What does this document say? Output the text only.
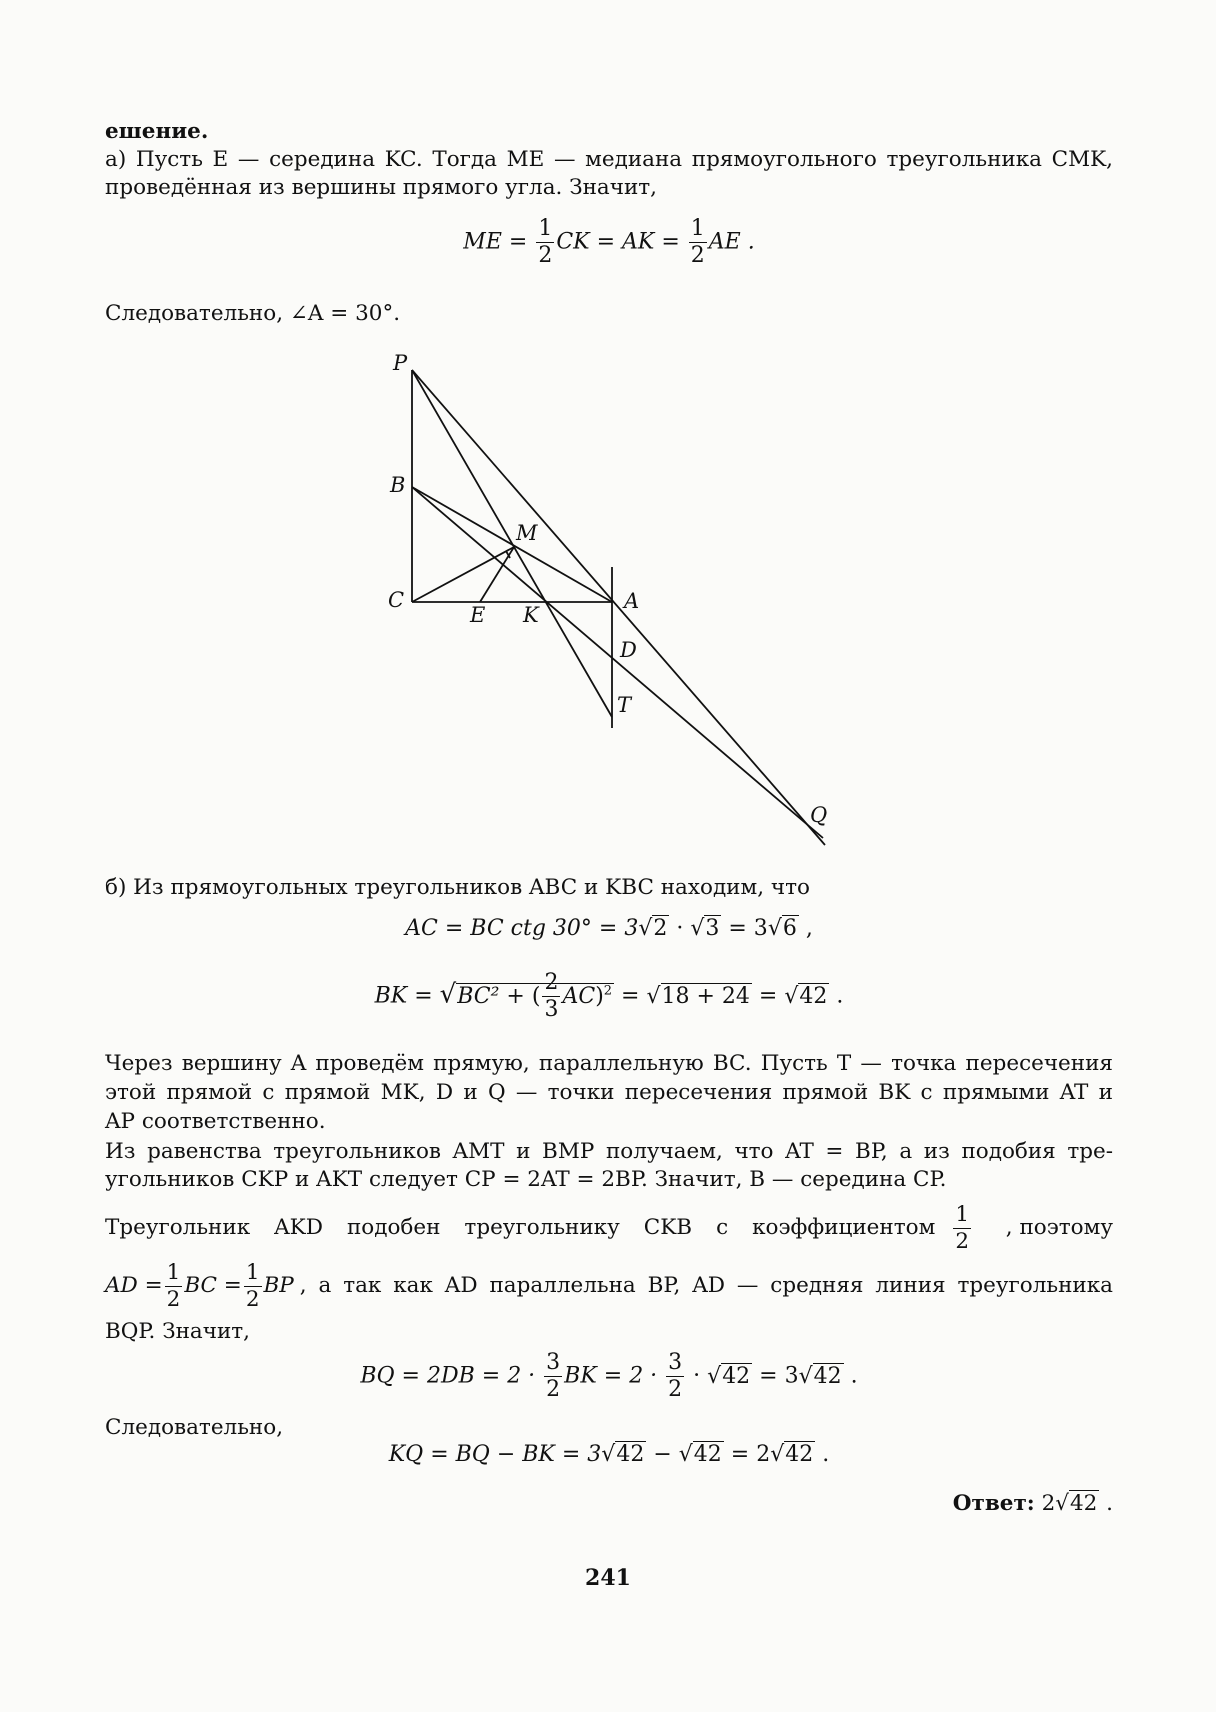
ешение.
а) Пусть E — середина KC. Тогда ME — медиана прямоугольного треугольника CMK,
проведённая из вершины прямого угла. Значит,
ME = $\frac{1}{2}$ CK = AK = $\frac{1}{2}$ AE .
Следовательно, ∠A = 30°.
P
B
M
C
E K
A
D
T
Q
б) Из прямоугольных треугольников ABC и KBC находим, что
AC = BC ctg 30° = 3√2 · √3 = 3√6 ,
BK = √BC² + ( $\frac{2}{3} AC)^2 = √18 + 24 = √42$ .
Через вершину A проведём прямую, параллельную BC. Пусть T — точка пересечения
этой прямой с прямой MK, D и Q — точки пересечения прямой BK с прямыми AT и
AP соответственно.
Из равенства треугольников AMT и BMP получаем, что AT = BP, а из подобия тре-
угольников CKP и AKT следует CP = 2AT = 2BP. Значит, B — середина CP.
Треугольник AKD подобен треугольнику CKB с коэффициентом $\frac{1}{2}$	, поэтому
AD = $\frac{1}{2}$ BC = $\frac{1}{2}$ BP , а так как AD параллельна BP, AD — средняя линия треугольника
BQP. Значит,
BQ = $2DB = 2 \cdot \frac{3}{2}$ BK = $2 \cdot \frac{3}{2} \cdot √42 = 3√42$ .
Следовательно,
KQ = BQ − BK = 3√42 − √42 = 2√42 .
Ответ: 2√42 .
241
